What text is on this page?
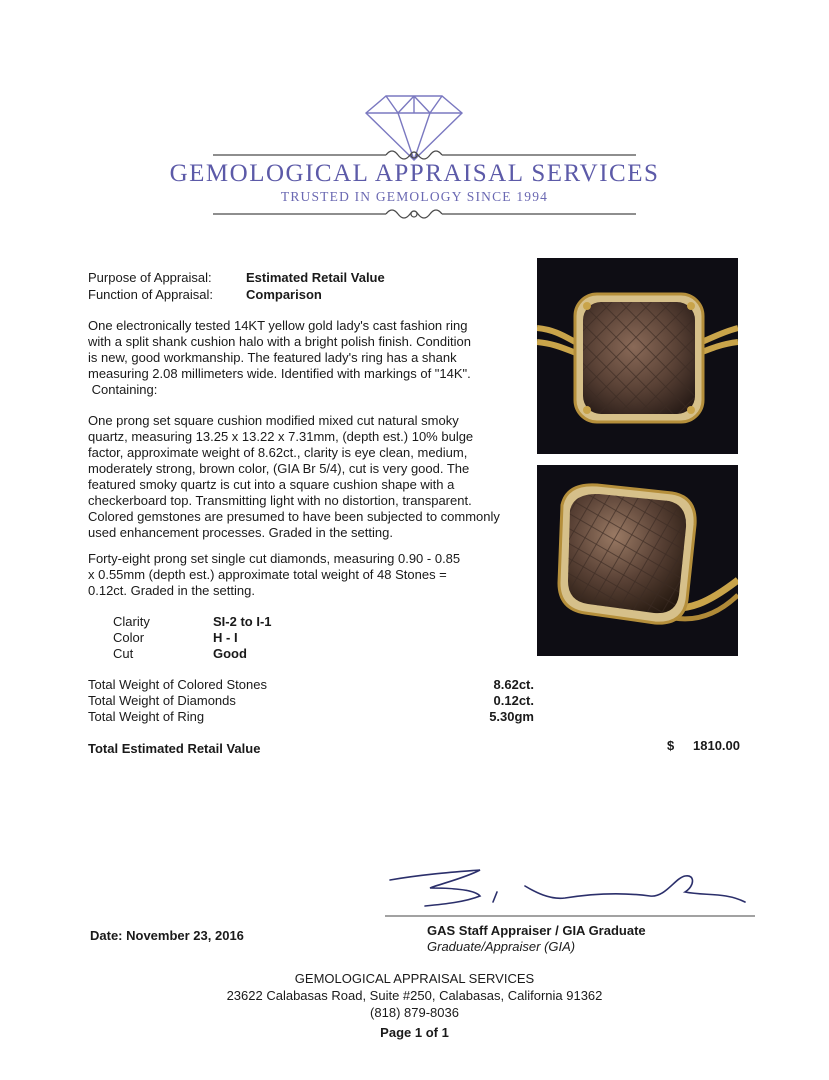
GEMOLOGICAL APPRAISAL SERVICES
TRUSTED IN GEMOLOGY SINCE 1994
Purpose of Appraisal:	Estimated Retail Value
Function of Appraisal:	Comparison
One electronically tested 14KT yellow gold lady's cast fashion ring
with a split shank cushion halo with a bright polish finish. Condition
is new, good workmanship. The featured lady's ring has a shank
measuring 2.08 millimeters wide. Identified with markings of "14K".
Containing:
One prong set square cushion modified mixed cut natural smoky
quartz, measuring 13.25 x 13.22 x 7.31mm, (depth est.) 10% bulge
factor, approximate weight of 8.62ct., clarity is eye clean, medium,
moderately strong, brown color, (GIA Br 5/4), cut is very good. The
featured smoky quartz is cut into a square cushion shape with a
checkerboard top. Transmitting light with no distortion, transparent.
Colored gemstones are presumed to have been subjected to commonly
used enhancement processes. Graded in the setting.
Forty-eight prong set single cut diamonds, measuring 0.90 - 0.85
x 0.55mm (depth est.) approximate total weight of 48 Stones =
0.12ct. Graded in the setting.
Clarity	SI-2 to I-1
Color	H - I
Cut	Good
Total Weight of Colored Stones	8.62ct.
Total Weight of Diamonds	0.12ct.
Total Weight of Ring	5.30gm
Total Estimated Retail Value	$	1810.00
GAS Staff Appraiser / GIA Graduate
Graduate/Appraiser (GIA)
Date: November 23, 2016
GEMOLOGICAL APPRAISAL SERVICES
23622 Calabasas Road, Suite #250, Calabasas, California 91362
(818) 879-8036
Page 1 of 1
